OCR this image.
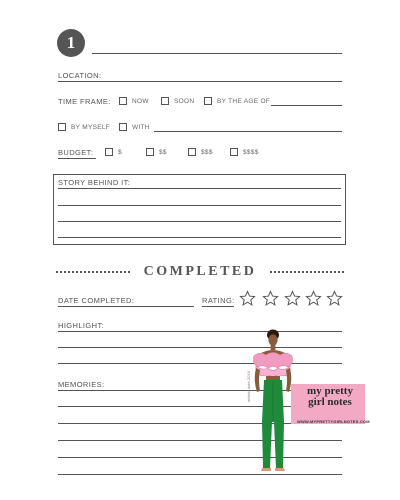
1
LOCATION:
TIME FRAME:	NOW	SOON	BY THE AGE OF
BY MYSELF	WITH
BUDGET:	$	$$	$$$	$$$$
STORY BEHIND IT:
COMPLETED
DATE COMPLETED:	RATING:
HIGHLIGHT:
MEMORIES:	artistic-date-2018	my pretty
girl notes
WWW.MYPRETTYGIRLNOTES.COM
